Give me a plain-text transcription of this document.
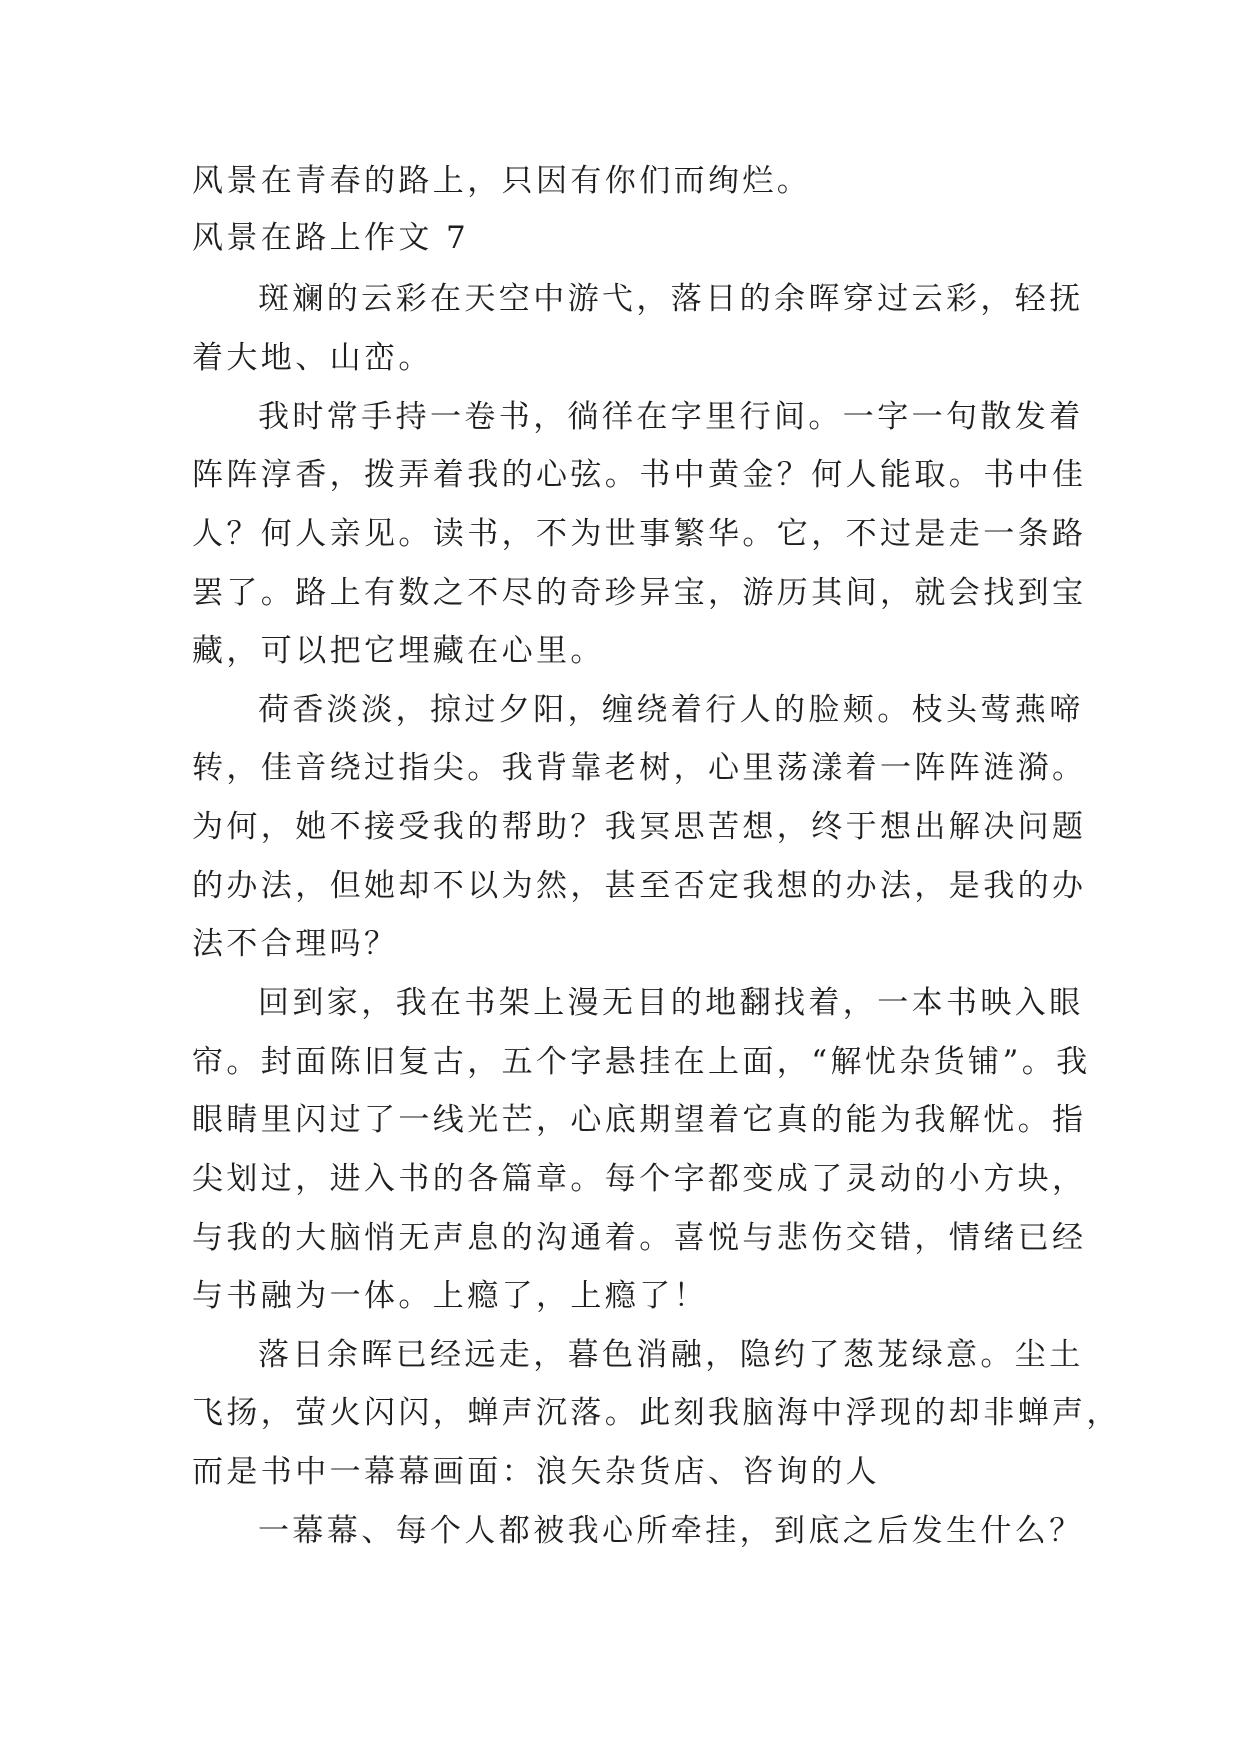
风景在青春的路上，只因有你们而绚烂。
风景在路上作文 7
斑斓的云彩在天空中游弋，落日的余晖穿过云彩，轻抚
着大地、山峦。
我时常手持一卷书，徜徉在字里行间。一字一句散发着
阵阵淳香，拨弄着我的心弦。书中黄金？何人能取。书中佳
人？何人亲见。读书，不为世事繁华。它，不过是走一条路
罢了。路上有数之不尽的奇珍异宝，游历其间，就会找到宝
藏，可以把它埋藏在心里。
荷香淡淡，掠过夕阳，缠绕着行人的脸颊。枝头莺燕啼
转，佳音绕过指尖。我背靠老树，心里荡漾着一阵阵涟漪。
为何，她不接受我的帮助？我冥思苦想，终于想出解决问题
的办法，但她却不以为然，甚至否定我想的办法，是我的办
法不合理吗？
回到家，我在书架上漫无目的地翻找着，一本书映入眼
帘。封面陈旧复古，五个字悬挂在上面，“解忧杂货铺”。我
眼睛里闪过了一线光芒，心底期望着它真的能为我解忧。指
尖划过，进入书的各篇章。每个字都变成了灵动的小方块，
与我的大脑悄无声息的沟通着。喜悦与悲伤交错，情绪已经
与书融为一体。上瘾了，上瘾了！
落日余晖已经远走，暮色消融，隐约了葱茏绿意。尘土
飞扬，萤火闪闪，蝉声沉落。此刻我脑海中浮现的却非蝉声，
而是书中一幕幕画面：浪矢杂货店、咨询的人
一幕幕、每个人都被我心所牵挂，到底之后发生什么？
